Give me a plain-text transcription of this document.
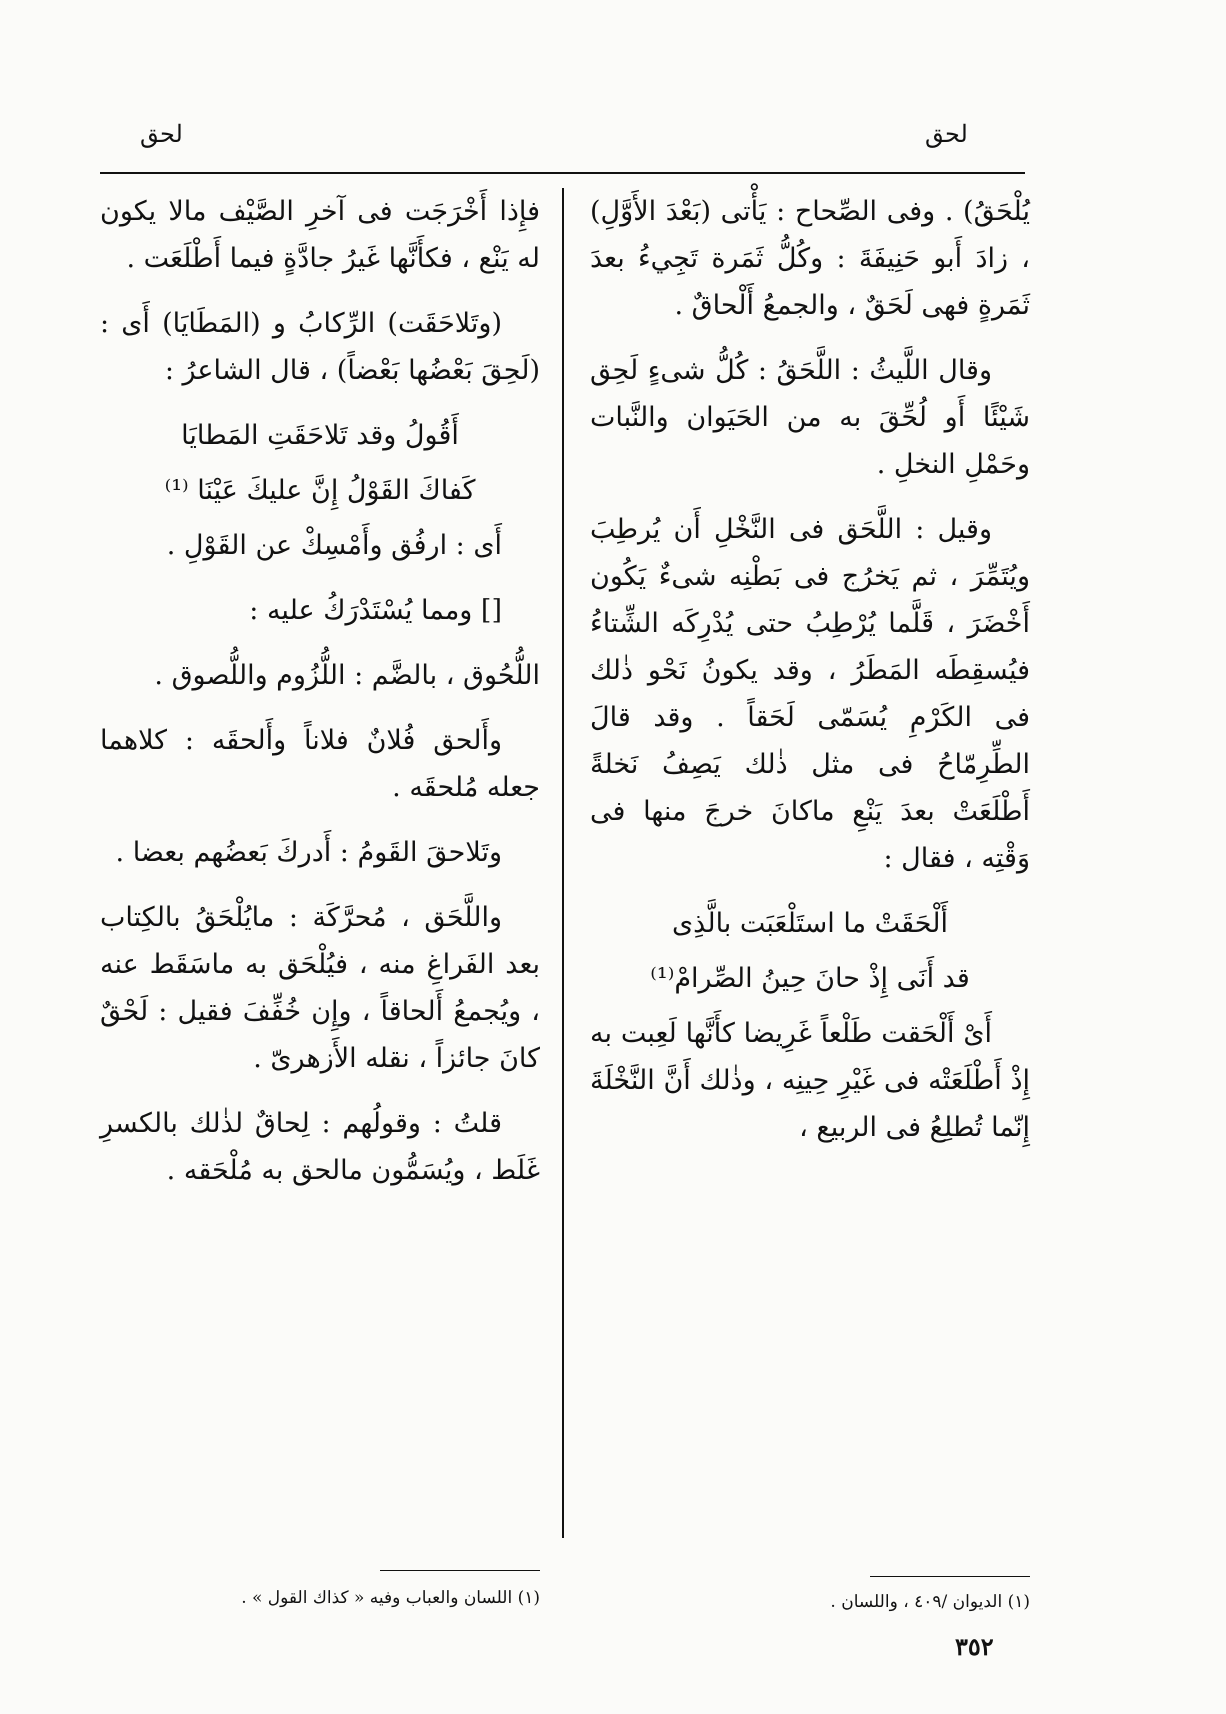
لحق
لحق

يُلْحَقُ) . وفى الصِّحاح : يَأْتى (بَعْدَ الأَوَّلِ) ، زادَ أَبو حَنِيفَةَ : وكُلُّ ثَمَرة تَجِيءُ بعدَ ثَمَرةٍ فهى لَحَقٌ ، والجمعُ أَلْحاقٌ .

وقال اللَّيثُ : اللَّحَقُ : كُلُّ شىءٍ لَحِق شَيْئًا أَو لُحِّقَ به من الحَيَوان والنَّبات وحَمْلِ النخلِ .

وقيل : اللَّحَق فى النَّخْلِ أَن يُرطِبَ ويُتَمِّرَ ، ثم يَخرُج فى بَطْنِه شىءٌ يَكُون أَخْضَرَ ، قَلَّما يُرْطِبُ حتى يُدْرِكَه الشِّتاءُ فيُسقِطَه المَطَرُ ، وقد يكونُ نَحْو ذٰلك فى الكَرْمِ يُسَمّى لَحَقاً . وقد قالَ الطِّرِمّاحُ فى مثل ذٰلك يَصِفُ نَخلةً أَطْلَعَتْ بعدَ يَنْعِ ماكانَ خرجَ منها فى وَقْتِه ، فقال :

أَلْحَقَتْ ما استَلْعَبَت بالَّذِى

قد أَنَى إِذْ حانَ حِينُ الصِّرامْ⁽¹⁾

أَىْ أَلْحَقت طَلْعاً غَرِيضا كأَنَّها لَعِبت به إِذْ أَطْلَعَتْه فى غَيْرِ حِينِه ، وذٰلك أَنَّ النَّخْلَةَ إِنّما تُطلِعُ فى الربيع ،

فإِذا أَخْرَجَت فى آخرِ الصَّيْف مالا يكون له يَنْع ، فكأَنَّها غَيرُ جادَّةٍ فيما أَطْلَعَت .

(وتَلاحَقَت) الرِّكابُ و (المَطَايَا) أَى : (لَحِقَ بَعْضُها بَعْضاً) ، قال الشاعرُ :

أَقُولُ وقد تَلاحَقَتِ المَطايَا

كَفاكَ القَوْلُ إِنَّ عليكَ عَيْنَا ⁽¹⁾

أَى : ارفُق وأَمْسِكْ عن القَوْلِ .

[] ومما يُسْتَدْرَكُ عليه :

اللُّحُوق ، بالضَّم : اللُّزُوم واللُّصوق .

وأَلحق فُلانٌ فلاناً وأَلحقَه : كلاهما جعله مُلحقَه .

وتَلاحقَ القَومُ : أَدركَ بَعضُهم بعضا .

واللَّحَق ، مُحرَّكَة : مايُلْحَقُ بالكِتاب بعد الفَراغِ منه ، فيُلْحَق به ماسَقَط عنه ، ويُجمعُ أَلحاقاً ، وإِن خُفِّفَ فقيل : لَحْقٌ كانَ جائزاً ، نقله الأَزهرىّ .

قلتُ : وقولُهم : لِحاقٌ لذٰلك بالكسرِ غَلَط ، ويُسَمُّون مالحق به مُلْحَقه .

(١) الديوان /٤٠٩ ، واللسان .
(١) اللسان والعباب وفيه « كذاك القول » .
٣٥٢
